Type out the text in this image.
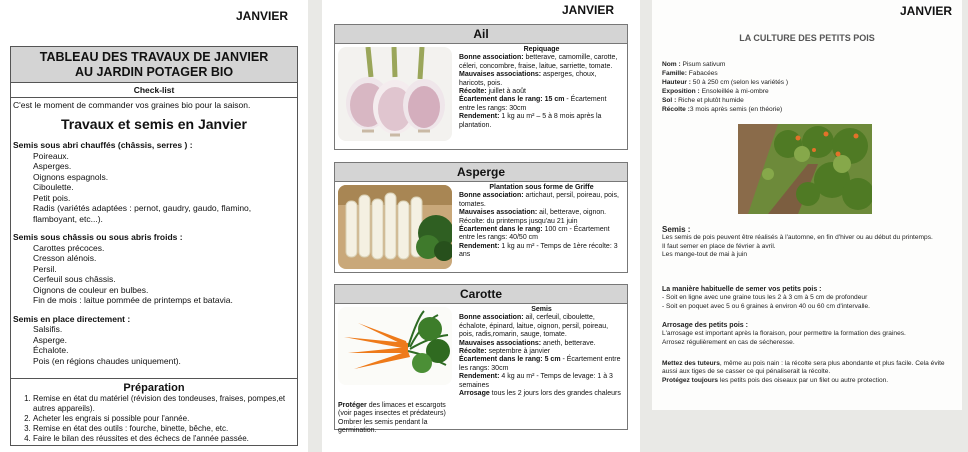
JANVIER
TABLEAU DES TRAVAUX DE JANVIER
AU JARDIN POTAGER BIO
Check-list
C'est le moment de commander vos graines bio pour la saison.
Travaux et semis en Janvier
Semis sous abri chauffés (châssis, serres ) :
Poireaux.
Asperges.
Oignons espagnols.
Ciboulette.
Petit pois.
Radis (variétés adaptées : pernot, gaudry, gaudo, flamino, flamboyant, etc...).
Semis sous châssis ou sous abris froids :
Carottes précoces.
Cresson alénois.
Persil.
Cerfeuil sous châssis.
Oignons de couleur en bulbes.
Fin de mois : laitue pommée de printemps et batavia.
Semis en place directement :
Salsifis.
Asperge.
Échalote.
Pois (en régions chaudes uniquement).
Préparation
1. Remise en état du matériel (révision des tondeuses, fraises, pompes,et autres appareils).
2. Acheter les engrais si possible pour l'année.
3. Remise en état des outils : fourche, binette, bêche, etc.
4. Faire le bilan des réussites et des échecs de l'année passée.
JANVIER
Ail
Repiquage
Bonne association: betterave, camomille, carotte, céleri, concombre, fraise, laitue, sarriette, tomate.
Mauvaises associations: asperges, choux, haricots, pois.
Récolte: juillet à août
Écartement dans le rang: 15 cm - Écartement entre les rangs: 30cm
Rendement: 1 kg au m² – 5 à 8 mois après la plantation.
Asperge
Plantation sous forme de Griffe
Bonne association: artichaut, persil, poireau, pois, tomates.
Mauvaises association: ail, betterave, oignon.
Récolte: du printemps jusqu'au 21 juin
Écartement dans le rang: 100 cm - Écartement entre les rangs: 40/50 cm
Rendement: 1 kg au m² - Temps de 1ère récolte: 3 ans
Carotte
Protéger des limaces et escargots (voir pages insectes et prédateurs) Ombrer les semis pendant la germination.
Semis
Bonne association: ail, cerfeuil, ciboulette, échalote, épinard, laitue, oignon, persil, poireau, pois, radis,romarin, sauge, tomate.
Mauvaises associations: aneth, betterave.
Récolte: septembre à janvier
Écartement dans le rang: 5 cm - Écartement entre les rangs: 30cm
Rendement: 4 kg au m² - Temps de levage: 1 à 3 semaines
Arrosage tous les 2 jours lors des grandes chaleurs
JANVIER
LA CULTURE DES PETITS POIS
Nom : Pisum sativum
Famille: Fabacées
Hauteur : 50 à 250 cm (selon les variétés )
Exposition : Ensoleillée à mi-ombre
Sol : Riche et plutôt humide
Récolte :3 mois après semis (en théorie)
Semis :
Les semis de pois peuvent être réalisés à l'automne, en fin d'hiver ou au début du printemps.
Il faut semer en place de février à avril.
Les mange-tout de mai à juin
La manière habituelle de semer vos petits pois :
- Soit en ligne avec une graine tous les 2 à 3 cm à 5 cm de profondeur
- Soit en poquet avec 5 ou 6 graines à environ 40 ou 60 cm d'intervalle.
Arrosage des petits pois :
L'arrosage est important après la floraison, pour permettre la formation des graines.
Arrosez régulièrement en cas de sécheresse.
Mettez des tuteurs, même au pois nain : la récolte sera plus abondante et plus facile. Cela évite aussi aux tiges de se casser ce qui pénaliserait la récolte.
Protégez toujours les petits pois des oiseaux par un filet ou autre protection.
